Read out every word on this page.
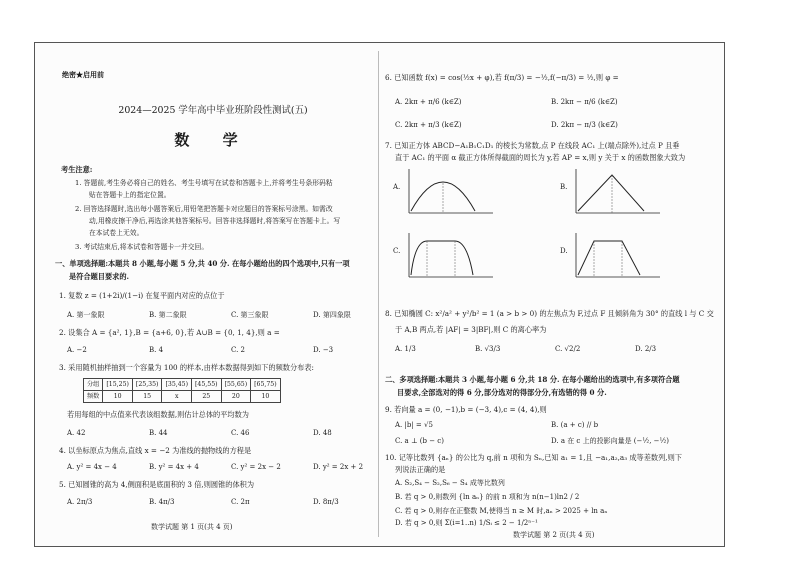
绝密★启用前
2024—2025 学年高中毕业班阶段性测试(五)
数 学
考生注意:
1. 答题前,考生务必将自己的姓名、考生号填写在试卷和答题卡上,并将考生号条形码粘
贴在答题卡上的指定位置。
2. 回答选择题时,选出每小题答案后,用铅笔把答题卡对应题目的答案标号涂黑。如需改
动,用橡皮擦干净后,再选涂其他答案标号。回答非选择题时,将答案写在答题卡上。写
在本试卷上无效。
3. 考试结束后,将本试卷和答题卡一并交回。
一、单项选择题:本题共 8 小题,每小题 5 分,共 40 分. 在每小题给出的四个选项中,只有一项
是符合题目要求的.
1. 复数 z = (1+2i)/(1−i) 在复平面内对应的点位于
A. 第一象限	B. 第二象限	C. 第三象限	D. 第四象限
2. 设集合 A = {a², 1},B = {a+6, 0},若 A∪B = {0, 1, 4},则 a =
A. −2	B. 4	C. 2	D. −3
3. 采用随机抽样抽到一个容量为 100 的样本,由样本数据得到如下的频数分布表:
分组	[15,25)	[25,35)	[35,45)	[45,55)	[55,65)	[65,75)
频数	10	15	x	25	20	10
若用每组的中点值来代表该组数据,则估计总体的平均数为
A. 42	B. 44	C. 46	D. 48
4. 以坐标原点为焦点,直线 x = −2 为准线的抛物线的方程是
A. y² = 4x − 4	B. y² = 4x + 4	C. y² = 2x − 2	D. y² = 2x + 2
5. 已知圆锥的高为 4,侧面积是底面积的 3 倍,则圆锥的体积为
A. 2π/3	B. 4π/3	C. 2π	D. 8π/3
数学试题 第 1 页(共 4 页)
6. 已知函数 f(x) = cos(½x + φ),若 f(π/3) = −½,f(−π/3) = ½,则 φ =
A. 2kπ + π/6 (k∈Z)	B. 2kπ − π/6 (k∈Z)
C. 2kπ + π/3 (k∈Z)	D. 2kπ − π/3 (k∈Z)
7. 已知正方体 ABCD−A₁B₁C₁D₁ 的棱长为常数,点 P 在线段 AC₁ 上(端点除外),过点 P 且垂
直于 AC₁ 的平面 α 截正方体所得截面的周长为 y,若 AP = x,则 y 关于 x 的函数图象大致为
A.	B.
C.	D.
8. 已知椭圆 C: x²/a² + y²/b² = 1 (a > b > 0) 的左焦点为 F,过点 F 且倾斜角为 30° 的直线 l 与 C 交
于 A,B 两点,若 |AF| = 3|BF|,则 C 的离心率为
A. 1/3	B. √3/3	C. √2/2	D. 2/3
二、多项选择题:本题共 3 小题,每小题 6 分,共 18 分. 在每小题给出的选项中,有多项符合题
目要求,全部选对的得 6 分,部分选对的得部分分,有选错的得 0 分.
9. 若向量 a = (0, −1),b = (−3, 4),c = (4, 4),则
A. |b| = √5	B. (a + c) // b
C. a ⊥ (b − c)	D. a 在 c 上的投影向量是 (−½, −½)
10. 记等比数列 {aₙ} 的公比为 q,前 n 项和为 Sₙ,已知 a₁ = 1,且 −a₁,a₂,a₃ 成等差数列,则下
列说法正确的是
A. S₂,S₄ − S₂,S₆ − S₄ 成等比数列
B. 若 q > 0,则数列 {ln aₙ} 的前 n 项和为 n(n−1)ln2 / 2
C. 若 q > 0,则存在正整数 M,使得当 n ≥ M 时,aₙ > 2025 + ln aₙ
D. 若 q > 0,则 Σ(i=1..n) 1/Sᵢ ≤ 2 − 1/2ⁿ⁻¹
数学试题 第 2 页(共 4 页)
